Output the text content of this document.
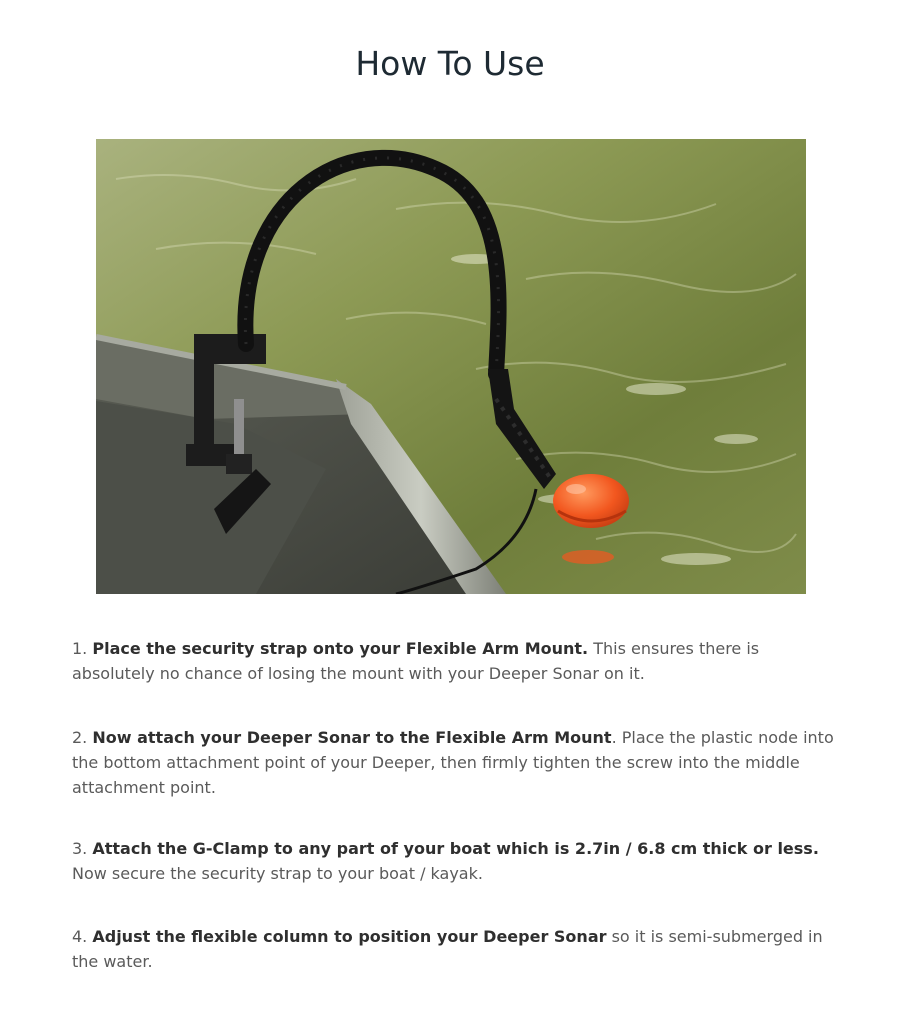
How To Use

1. Place the security strap onto your Flexible Arm Mount. This ensures there is absolutely no chance of losing the mount with your Deeper Sonar on it.

2. Now attach your Deeper Sonar to the Flexible Arm Mount. Place the plastic node into the bottom attachment point of your Deeper, then firmly tighten the screw into the middle attachment point.

3. Attach the G-Clamp to any part of your boat which is 2.7in / 6.8 cm thick or less. Now secure the security strap to your boat / kayak.

4. Adjust the flexible column to position your Deeper Sonar so it is semi-submerged in the water.
